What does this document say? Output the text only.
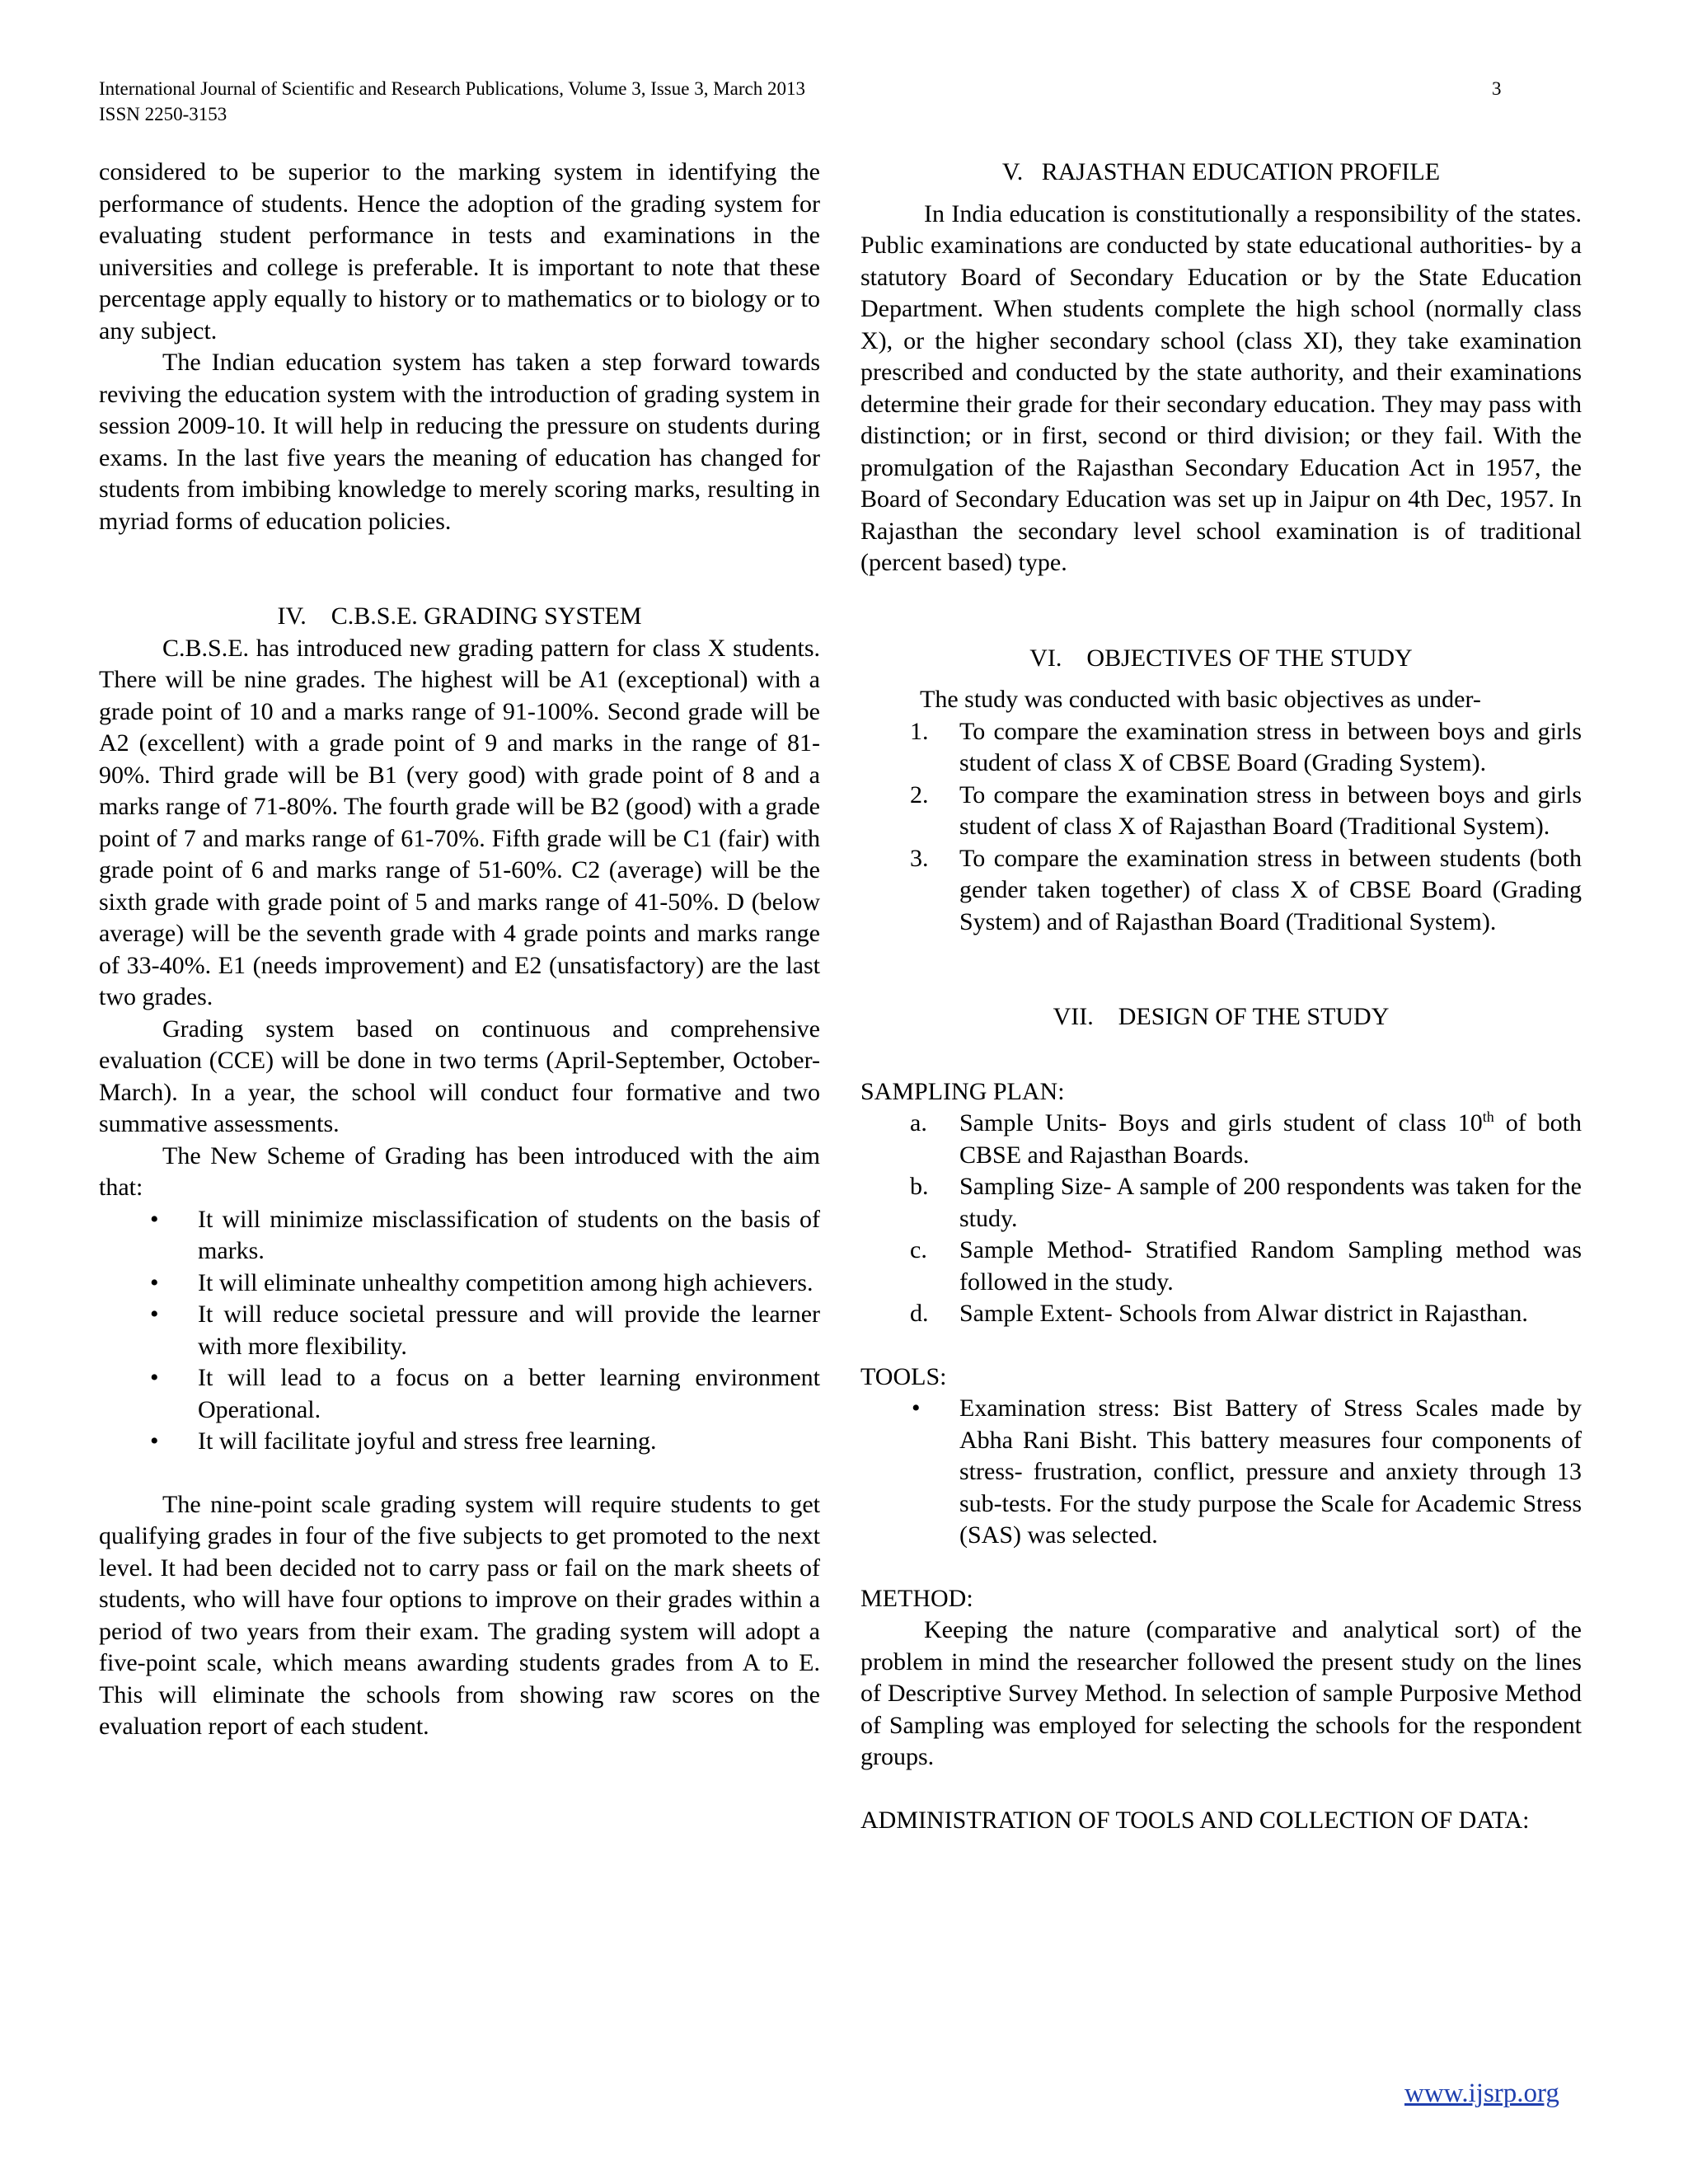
International Journal of Scientific and Research Publications, Volume 3, Issue 3, March 2013
ISSN 2250-3153
3

considered to be superior to the marking system in identifying the performance of students. Hence the adoption of the grading system for evaluating student performance in tests and examinations in the universities and college is preferable. It is important to note that these percentage apply equally to history or to mathematics or to biology or to any subject.

The Indian education system has taken a step forward towards reviving the education system with the introduction of grading system in session 2009-10. It will help in reducing the pressure on students during exams. In the last five years the meaning of education has changed for students from imbibing knowledge to merely scoring marks, resulting in myriad forms of education policies.

IV. C.B.S.E. GRADING SYSTEM

C.B.S.E. has introduced new grading pattern for class X students. There will be nine grades. The highest will be A1 (exceptional) with a grade point of 10 and a marks range of 91-100%. Second grade will be A2 (excellent) with a grade point of 9 and marks in the range of 81-90%. Third grade will be B1 (very good) with grade point of 8 and a marks range of 71-80%. The fourth grade will be B2 (good) with a grade point of 7 and marks range of 61-70%. Fifth grade will be C1 (fair) with grade point of 6 and marks range of 51-60%. C2 (average) will be the sixth grade with grade point of 5 and marks range of 41-50%. D (below average) will be the seventh grade with 4 grade points and marks range of 33-40%. E1 (needs improvement) and E2 (unsatisfactory) are the last two grades.

Grading system based on continuous and comprehensive evaluation (CCE) will be done in two terms (April-September, October-March). In a year, the school will conduct four formative and two summative assessments.

The New Scheme of Grading has been introduced with the aim that:

• It will minimize misclassification of students on the basis of marks.
• It will eliminate unhealthy competition among high achievers.
• It will reduce societal pressure and will provide the learner with more flexibility.
• It will lead to a focus on a better learning environment Operational.
• It will facilitate joyful and stress free learning.

The nine-point scale grading system will require students to get qualifying grades in four of the five subjects to get promoted to the next level. It had been decided not to carry pass or fail on the mark sheets of students, who will have four options to improve on their grades within a period of two years from their exam. The grading system will adopt a five-point scale, which means awarding students grades from A to E. This will eliminate the schools from showing raw scores on the evaluation report of each student.

V. RAJASTHAN EDUCATION PROFILE

In India education is constitutionally a responsibility of the states. Public examinations are conducted by state educational authorities- by a statutory Board of Secondary Education or by the State Education Department. When students complete the high school (normally class X), or the higher secondary school (class XI), they take examination prescribed and conducted by the state authority, and their examinations determine their grade for their secondary education. They may pass with distinction; or in first, second or third division; or they fail. With the promulgation of the Rajasthan Secondary Education Act in 1957, the Board of Secondary Education was set up in Jaipur on 4th Dec, 1957. In Rajasthan the secondary level school examination is of traditional (percent based) type.

VI. OBJECTIVES OF THE STUDY

The study was conducted with basic objectives as under-

1. To compare the examination stress in between boys and girls student of class X of CBSE Board (Grading System).
2. To compare the examination stress in between boys and girls student of class X of Rajasthan Board (Traditional System).
3. To compare the examination stress in between students (both gender taken together) of class X of CBSE Board (Grading System) and of Rajasthan Board (Traditional System).
VII. DESIGN OF THE STUDY

SAMPLING PLAN:

a. Sample Units- Boys and girls student of class 10th of both CBSE and Rajasthan Boards.
b. Sampling Size- A sample of 200 respondents was taken for the study.
c. Sample Method- Stratified Random Sampling method was followed in the study.
d. Sample Extent- Schools from Alwar district in Rajasthan.

TOOLS:

• Examination stress: Bist Battery of Stress Scales made by Abha Rani Bisht. This battery measures four components of stress- frustration, conflict, pressure and anxiety through 13 sub-tests. For the study purpose the Scale for Academic Stress (SAS) was selected.

METHOD:

Keeping the nature (comparative and analytical sort) of the problem in mind the researcher followed the present study on the lines of Descriptive Survey Method. In selection of sample Purposive Method of Sampling was employed for selecting the schools for the respondent groups.

ADMINISTRATION OF TOOLS AND COLLECTION OF DATA:

www.ijsrp.org
